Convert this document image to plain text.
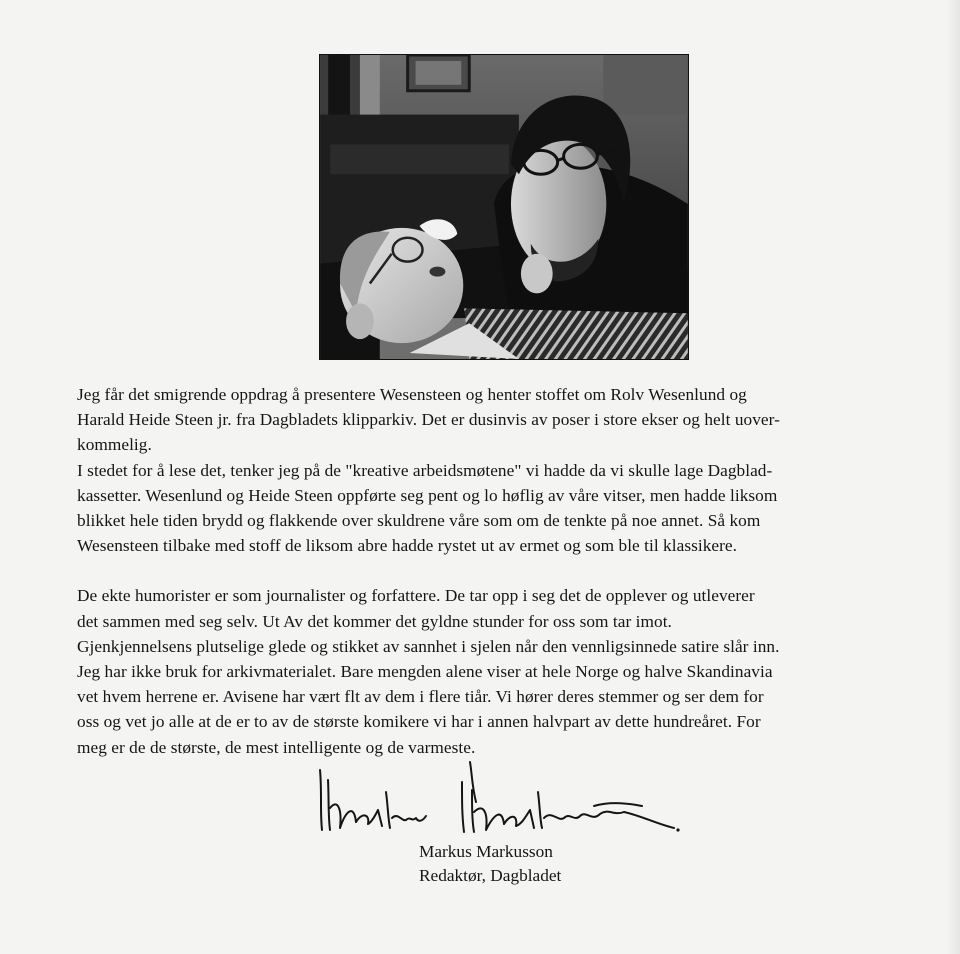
Jeg får det smigrende oppdrag å presentere Wesensteen og henter stoffet om Rolv Wesenlund og
Harald Heide Steen jr. fra Dagbladets klipparkiv. Det er dusinvis av poser i store ekser og helt uover-
kommelig.
I stedet for å lese det, tenker jeg på de "kreative arbeidsmøtene" vi hadde da vi skulle lage Dagblad-
kassetter. Wesenlund og Heide Steen oppførte seg pent og lo høflig av våre vitser, men hadde liksom
blikket hele tiden brydd og flakkende over skuldrene våre som om de tenkte på noe annet. Så kom
Wesensteen tilbake med stoff de liksom abre hadde rystet ut av ermet og som ble til klassikere.

De ekte humorister er som journalister og forfattere. De tar opp i seg det de opplever og utleverer
det sammen med seg selv. Ut Av det kommer det gyldne stunder for oss som tar imot.
Gjenkjennelsens plutselige glede og stikket av sannhet i sjelen når den vennligsinnede satire slår inn.
Jeg har ikke bruk for arkivmaterialet. Bare mengden alene viser at hele Norge og halve Skandinavia
vet hvem herrene er. Avisene har vært flt av dem i flere tiår. Vi hører deres stemmer og ser dem for
oss og vet jo alle at de er to av de største komikere vi har i annen halvpart av dette hundreåret. For
meg er de de største, de mest intelligente og de varmeste.

Markus Markusson
Redaktør, Dagbladet
